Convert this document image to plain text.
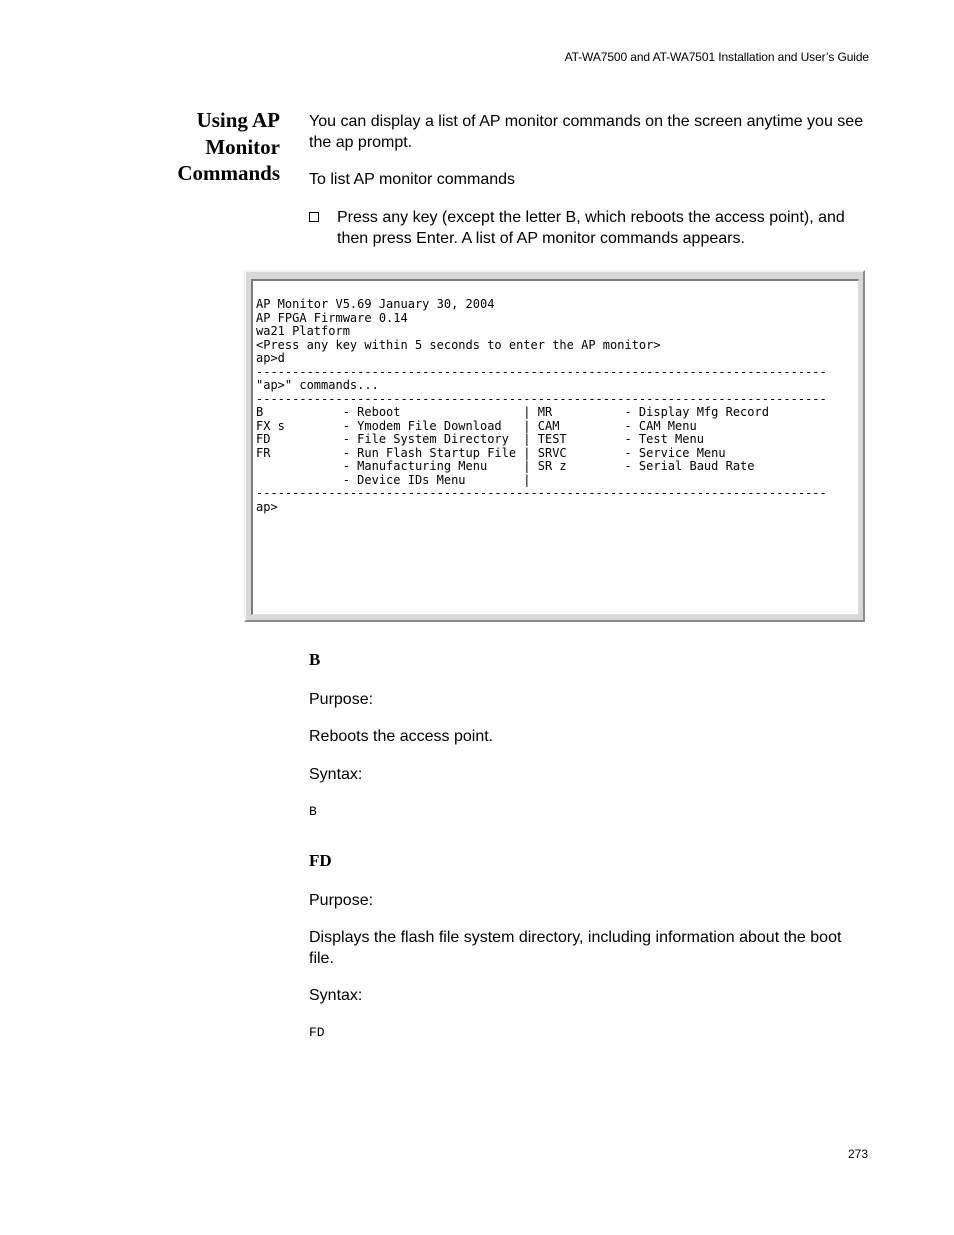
AT-WA7500 and AT-WA7501 Installation and User’s Guide
Using AP
Monitor
Commands
You can display a list of AP monitor commands on the screen anytime you see the ap prompt.
To list AP monitor commands
Press any key (except the letter B, which reboots the access point), and then press Enter. A list of AP monitor commands appears.
AP Monitor V5.69 January 30, 2004
AP FPGA Firmware 0.14
wa21 Platform
<Press any key within 5 seconds to enter the AP monitor>
ap>d
-------------------------------------------------------------------------------
"ap>" commands...
-------------------------------------------------------------------------------
B           - Reboot                 | MR          - Display Mfg Record
FX s        - Ymodem File Download   | CAM         - CAM Menu
FD          - File System Directory  | TEST        - Test Menu
FR          - Run Flash Startup File | SRVC        - Service Menu
- Manufacturing Menu     | SR z        - Serial Baud Rate
- Device IDs Menu        |
-------------------------------------------------------------------------------
ap>
B
Purpose:
Reboots the access point.
Syntax:
B
FD
Purpose:
Displays the flash file system directory, including information about the boot file.
Syntax:
FD
273
